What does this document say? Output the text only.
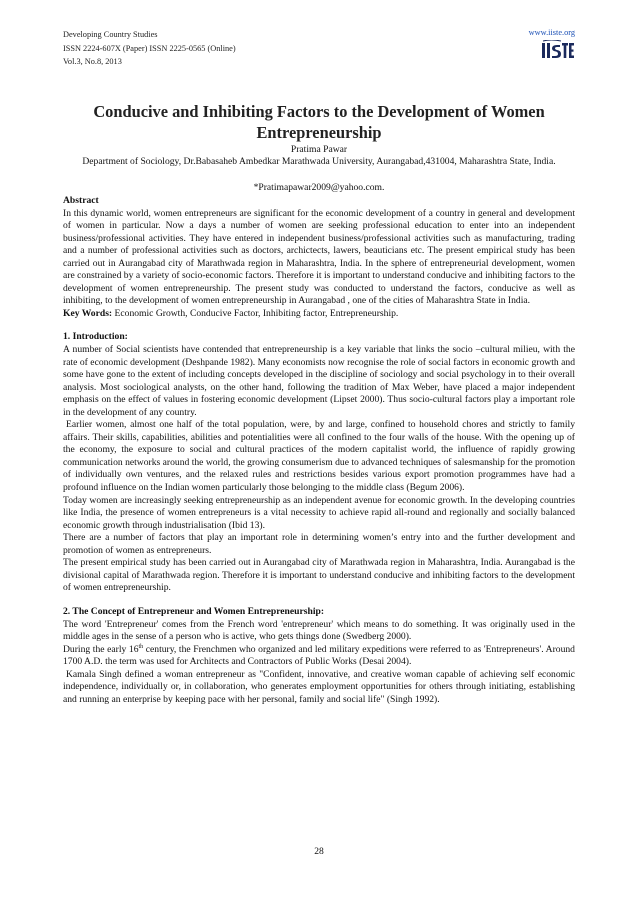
Developing Country Studies
ISSN 2224-607X (Paper) ISSN 2225-0565 (Online)
Vol.3, No.8, 2013
www.iiste.org
Conducive and Inhibiting Factors to the Development of Women Entrepreneurship

Pratima Pawar

Department of Sociology, Dr.Babasaheb Ambedkar Marathwada University, Aurangabad,431004, Maharashtra State, India.

*Pratimapawar2009@yahoo.com.

Abstract

In this dynamic world, women entrepreneurs are significant for the economic development of a country in general and development of women in particular. Now a days a number of women are seeking professional education to enter into an independent business/professional activities. They have entered in independent business/professional activities such as manufacturing, trading and a number of professional activities such as doctors, archictects, lawers, beauticians etc. The present empirical study has been carried out in Aurangabad city of Marathwada region in Maharashtra, India. In the sphere of entrepreneurial development, women are constrained by a variety of socio-economic factors. Therefore it is important to understand conducive and inhibiting factors to the development of women entrepreneurship. The present study was conducted to understand the factors, conducive as well as inhibiting, to the development of women entrepreneurship in Aurangabad , one of the cities of Maharashtra State in India.

Key Words: Economic Growth, Conducive Factor, Inhibiting factor, Entrepreneurship.

1. Introduction:

A number of Social scientists have contended that entrepreneurship is a key variable that links the socio –cultural milieu, with the rate of economic development (Deshpande 1982). Many economists now recognise the role of social factors in economic growth and some have gone to the extent of including concepts developed in the discipline of sociology and social psychology in to their overall analysis. Most sociological analysts, on the other hand, following the tradition of Max Weber, have placed a major independent emphasis on the effect of values in fostering economic development (Lipset 2000). Thus socio-cultural factors play a important role in the development of any country.

Earlier women, almost one half of the total population, were, by and large, confined to household chores and strictly to family affairs. Their skills, capabilities, abilities and potentialities were all confined to the four walls of the house. With the opening up of the economy, the exposure to social and cultural practices of the modern capitalist world, the influence of rapidly growing communication networks around the world, the growing consumerism due to advanced techniques of salesmanship for the promotion of individually own ventures, and the relaxed rules and restrictions besides various export promotion programmes have had a profound influence on the Indian women particularly those belonging to the middle class (Begum 2006).

Today women are increasingly seeking entrepreneurship as an independent avenue for economic growth. In the developing countries like India, the presence of women entrepreneurs is a vital necessity to achieve rapid all-round and regionally and socially balanced economic growth through industrialisation (Ibid 13).

There are a number of factors that play an important role in determining women’s entry into and the further development and promotion of women as entrepreneurs.

The present empirical study has been carried out in Aurangabad city of Marathwada region in Maharashtra, India. Aurangabad is the divisional capital of Marathwada region. Therefore it is important to understand conducive and inhibiting factors to the development of women entrepreneurship.

2. The Concept of Entrepreneur and Women Entrepreneurship:

The word 'Entrepreneur' comes from the French word 'entrepreneur' which means to do something. It was originally used in the middle ages in the sense of a person who is active, who gets things done (Swedberg 2000).

During the early 16th century, the Frenchmen who organized and led military expeditions were referred to as 'Entrepreneurs'. Around 1700 A.D. the term was used for Architects and Contractors of Public Works (Desai 2004).

Kamala Singh defined a woman entrepreneur as "Confident, innovative, and creative woman capable of achieving self economic independence, individually or, in collaboration, who generates employment opportunities for others through initiating, establishing and running an enterprise by keeping pace with her personal, family and social life" (Singh 1992).

28
